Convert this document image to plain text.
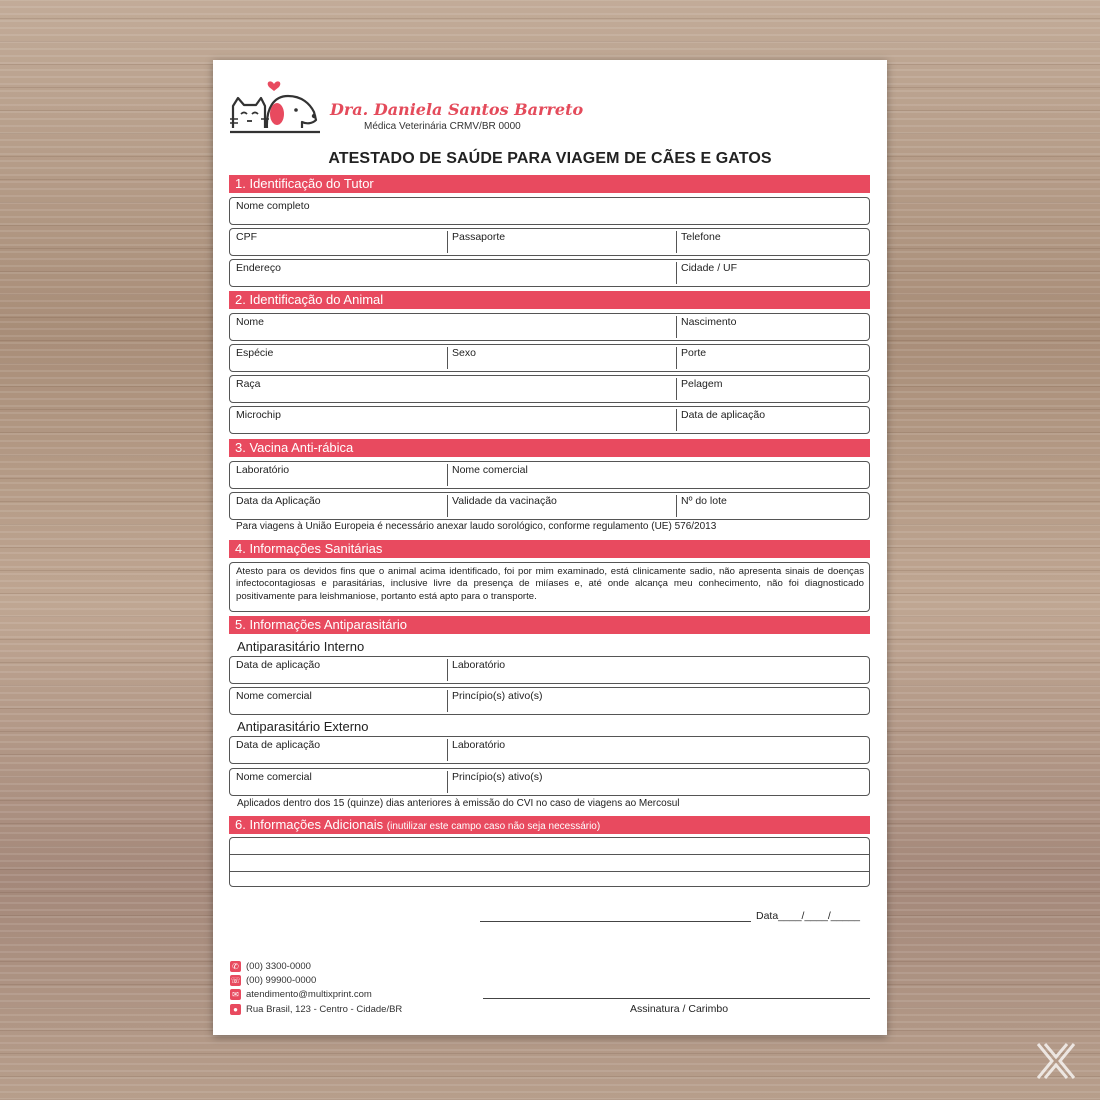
Dra. Daniela Santos Barreto
Médica Veterinária CRMV/BR 0000
ATESTADO DE SAÚDE PARA VIAGEM DE CÃES E GATOS
1. Identificação do Tutor
Nome completo
CPF	Passaporte	Telefone
Endereço	Cidade / UF
2. Identificação do Animal
Nome	Nascimento
Espécie	Sexo	Porte
Raça	Pelagem
Microchip	Data de aplicação
3. Vacina Anti-rábica
Laboratório	Nome comercial
Data da Aplicação	Validade da vacinação	Nº do lote
Para viagens à União Europeia é necessário anexar laudo sorológico, conforme regulamento (UE) 576/2013
4. Informações Sanitárias
Atesto para os devidos fins que o animal acima identificado, foi por mim examinado, está clinicamente sadio, não apresenta sinais de doenças infectocontagiosas e parasitárias, inclusive livre da presença de miíases e, até onde alcança meu conhecimento, não foi diagnosticado positivamente para leishmaniose, portanto está apto para o transporte.
5. Informações Antiparasitário
Antiparasitário Interno
Data de aplicação	Laboratório
Nome comercial	Princípio(s) ativo(s)
Antiparasitário Externo
Data de aplicação	Laboratório
Nome comercial	Princípio(s) ativo(s)
Aplicados dentro dos 15 (quinze) dias anteriores à emissão do CVI no caso de viagens ao Mercosul
6. Informações Adicionais (inutilizar este campo caso não seja necessário)
Data____/____/_____
Assinatura / Carimbo
✆ (00) 3300-0000
☏ (00) 99900-0000
✉ atendimento@multixprint.com
● Rua Brasil, 123 - Centro - Cidade/BR
